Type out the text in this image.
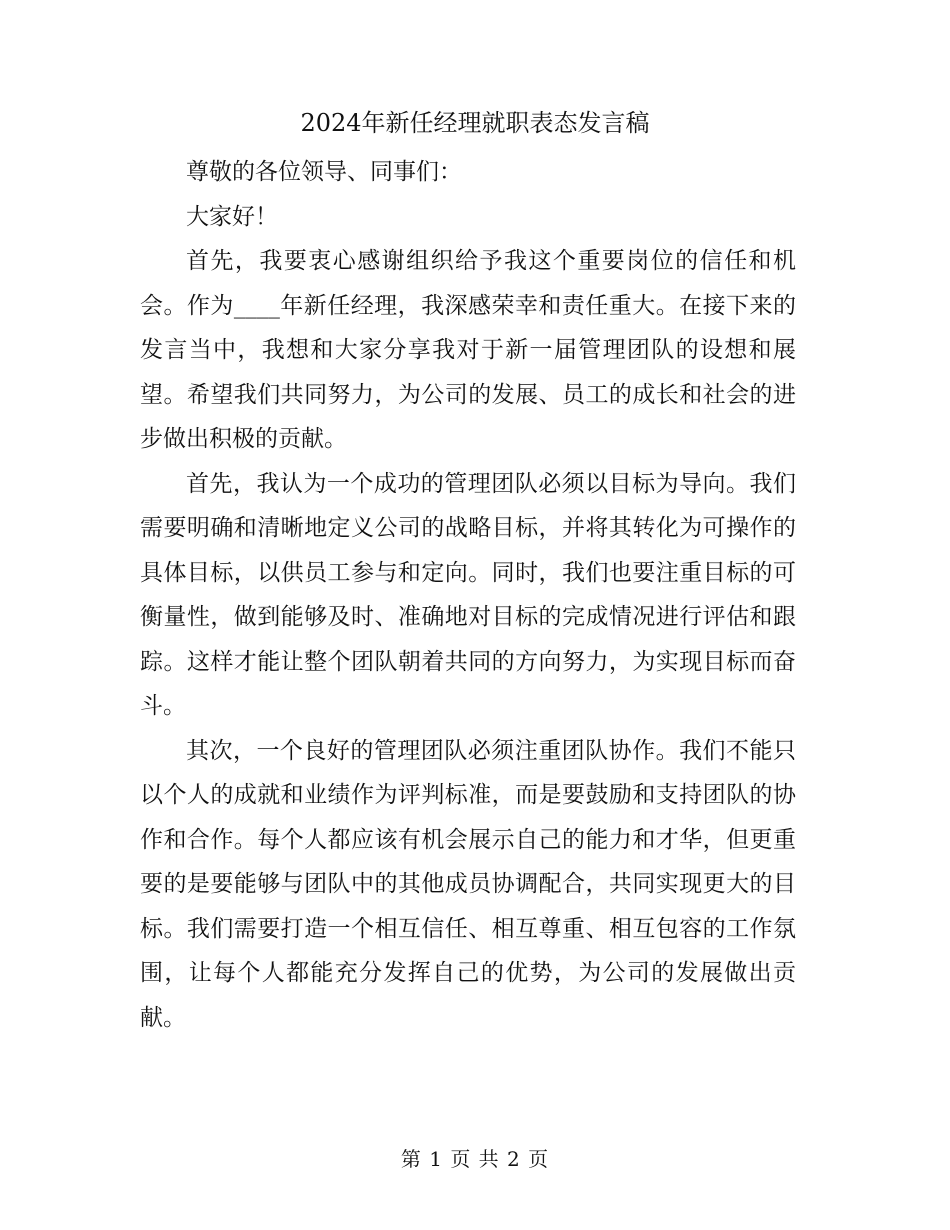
2024年新任经理就职表态发言稿

尊敬的各位领导、同事们：

大家好！

首先，我要衷心感谢组织给予我这个重要岗位的信任和机会。作为____年新任经理，我深感荣幸和责任重大。在接下来的发言当中，我想和大家分享我对于新一届管理团队的设想和展望。希望我们共同努力，为公司的发展、员工的成长和社会的进步做出积极的贡献。

首先，我认为一个成功的管理团队必须以目标为导向。我们需要明确和清晰地定义公司的战略目标，并将其转化为可操作的具体目标，以供员工参与和定向。同时，我们也要注重目标的可衡量性，做到能够及时、准确地对目标的完成情况进行评估和跟踪。这样才能让整个团队朝着共同的方向努力，为实现目标而奋斗。

其次，一个良好的管理团队必须注重团队协作。我们不能只以个人的成就和业绩作为评判标准，而是要鼓励和支持团队的协作和合作。每个人都应该有机会展示自己的能力和才华，但更重要的是要能够与团队中的其他成员协调配合，共同实现更大的目标。我们需要打造一个相互信任、相互尊重、相互包容的工作氛围，让每个人都能充分发挥自己的优势，为公司的发展做出贡献。

第 1 页 共 2 页
